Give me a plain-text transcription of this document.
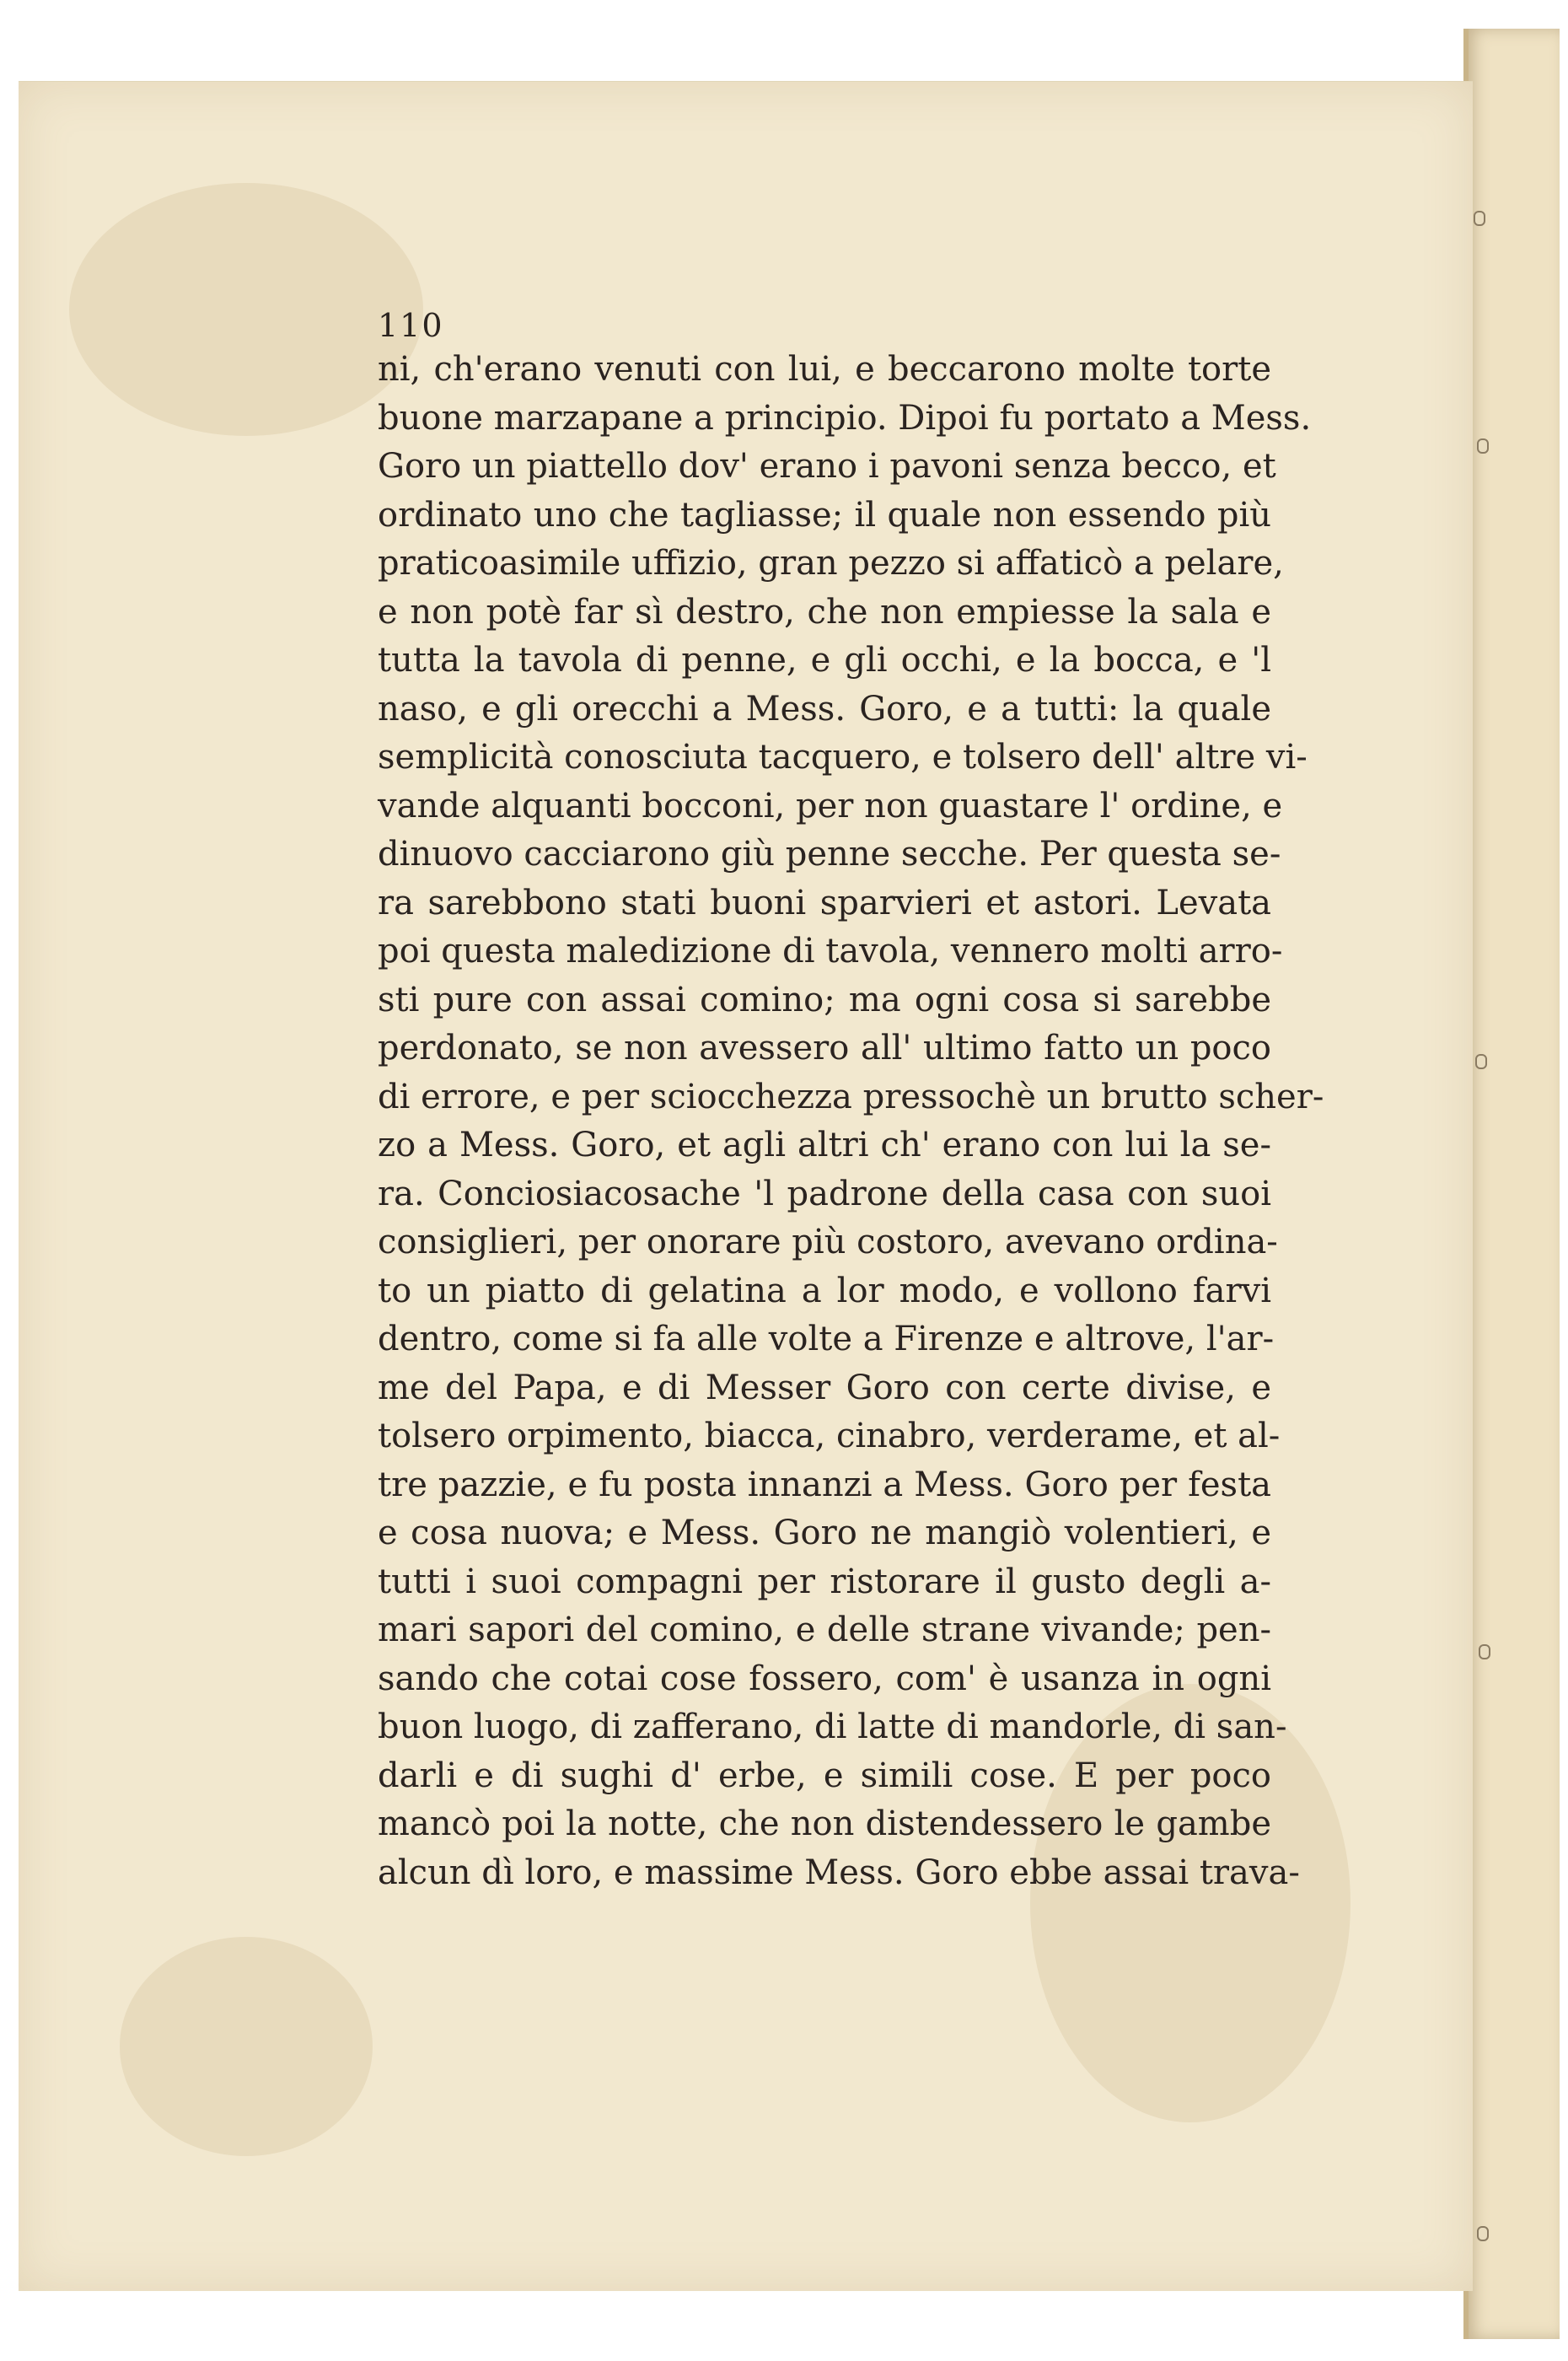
110
ni, ch'erano venuti con lui, e beccarono molte torte
buone marzapane a principio. Dipoi fu portato a Mess.
Goro un piattello dov' erano i pavoni senza becco, et
ordinato uno che tagliasse; il quale non essendo più
praticoasimile uffizio, gran pezzo si affaticò a pelare,
e non potè far sì destro, che non empiesse la sala e
tutta la tavola di penne, e gli occhi, e la bocca, e 'l
naso, e gli orecchi a Mess. Goro, e a tutti: la quale
semplicità conosciuta tacquero, e tolsero dell' altre vi-
vande alquanti bocconi, per non guastare l' ordine, e
dinuovo cacciarono giù penne secche. Per questa se-
ra sarebbono stati buoni sparvieri et astori. Levata
poi questa maledizione di tavola, vennero molti arro-
sti pure con assai comino; ma ogni cosa si sarebbe
perdonato, se non avessero all' ultimo fatto un poco
di errore, e per sciocchezza pressochè un brutto scher-
zo a Mess. Goro, et agli altri ch' erano con lui la se-
ra. Conciosiacosache 'l padrone della casa con suoi
consiglieri, per onorare più costoro, avevano ordina-
to un piatto di gelatina a lor modo, e vollono farvi
dentro, come si fa alle volte a Firenze e altrove, l'ar-
me del Papa, e di Messer Goro con certe divise, e
tolsero orpimento, biacca, cinabro, verderame, et al-
tre pazzie, e fu posta innanzi a Mess. Goro per festa
e cosa nuova; e Mess. Goro ne mangiò volentieri, e
tutti i suoi compagni per ristorare il gusto degli a-
mari sapori del comino, e delle strane vivande; pen-
sando che cotai cose fossero, com' è usanza in ogni
buon luogo, di zafferano, di latte di mandorle, di san-
darli e di sughi d' erbe, e simili cose. E per poco
mancò poi la notte, che non distendessero le gambe
alcun dì loro, e massime Mess. Goro ebbe assai trava-
